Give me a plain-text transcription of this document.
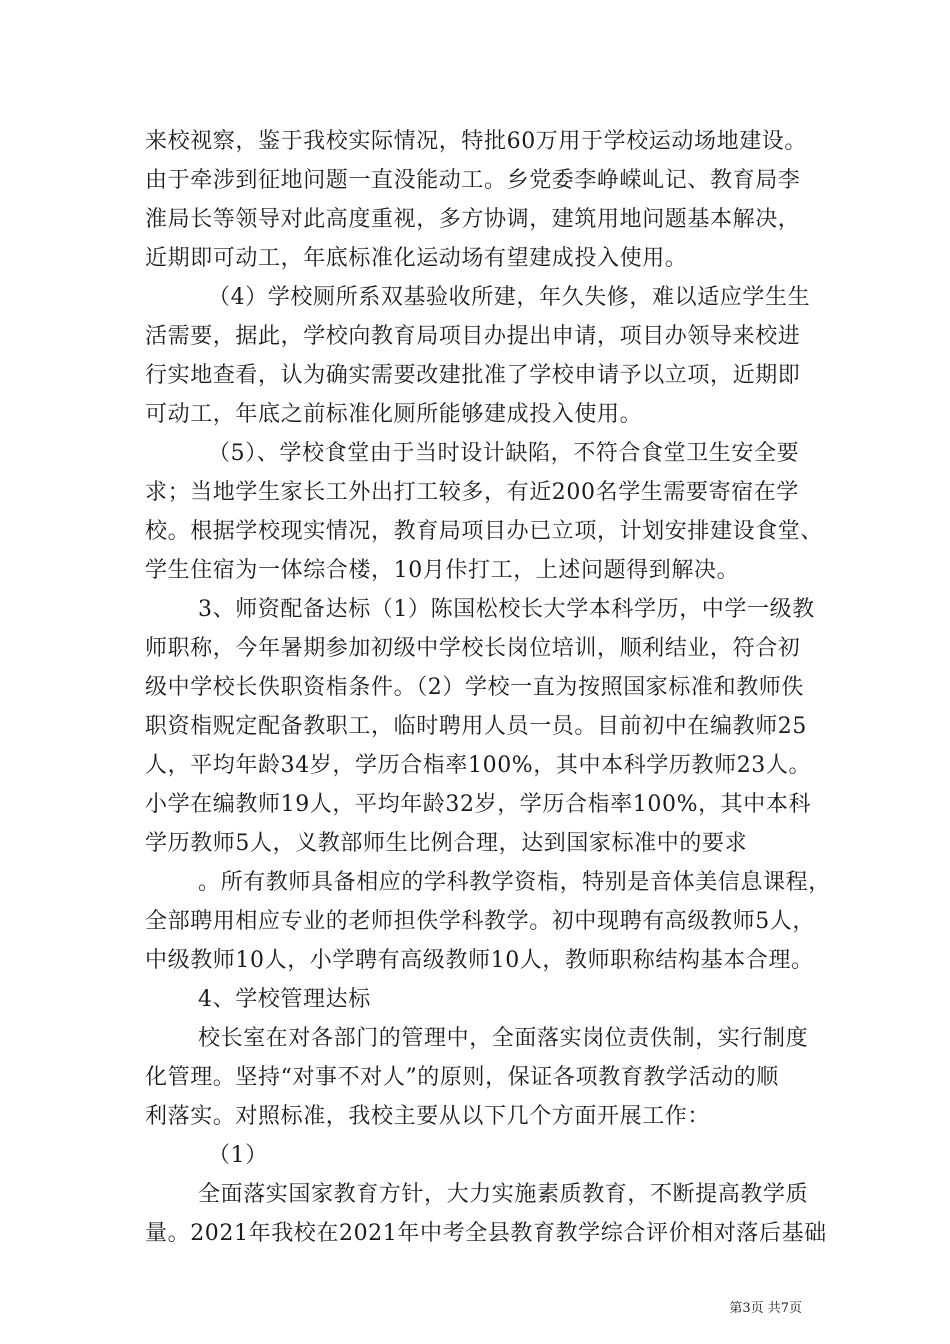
来校视察，鉴于我校实际情况，特批60万用于学校运动场地建设。
由于牵涉到征地问题一直没能动工。乡党委李峥嵘乢记、教育局李
淮局长等领导对此高度重视，多方协调，建筑用地问题基本解决，
近期即可动工，年底标准化运动场有望建成投入使用。
（4）学校厕所系双基验收所建，年久失修，难以适应学生生
活需要，据此，学校向教育局项目办提出申请，项目办领导来校进
行实地查看，认为确实需要改建批准了学校申请予以立项，近期即
可动工，年底之前标准化厕所能够建成投入使用。
（5）、学校食堂由于当时设计缺陷，不符合食堂卫生安全要
求；当地学生家长工外出打工较多，有近200名学生需要寄宿在学
校。根据学校现实情况，教育局项目办已立项，计划安排建设食堂、
学生住宿为一体综合楼，10月佧打工，上述问题得到解决。
3、师资配备达标（1）陈国松校长大学本科学历，中学一级教
师职称，今年暑期参加初级中学校长岗位培训，顺利结业，符合初
级中学校长佚职资栺条件。（2）学校一直为按照国家标准和教师佚
职资栺贶定配备教职工，临时聘用人员一员。目前初中在编教师25
人，平均年龄34岁，学历合栺率100%，其中本科学历教师23人。
小学在编教师19人，平均年龄32岁，学历合栺率100%，其中本科
学历教师5人，义教部师生比例合理，达到国家标准中的要求
。所有教师具备相应的学科教学资栺，特别是音体美信息课程，
全部聘用相应专业的老师担佚学科教学。初中现聘有高级教师5人，
中级教师10人，小学聘有高级教师10人，教师职称结构基本合理。
4、学校管理达标
校长室在对各部门的管理中，全面落实岗位责佚制，实行制度
化管理。坚持“对事不对人”的原则，保证各项教育教学活动的顺
利落实。对照标准，我校主要从以下几个方面开展工作：
（1）
全面落实国家教育方针，大力实施素质教育，不断提高教学质
量。2021年我校在2021年中考全县教育教学综合评价相对落后基础
第3页 共7页
